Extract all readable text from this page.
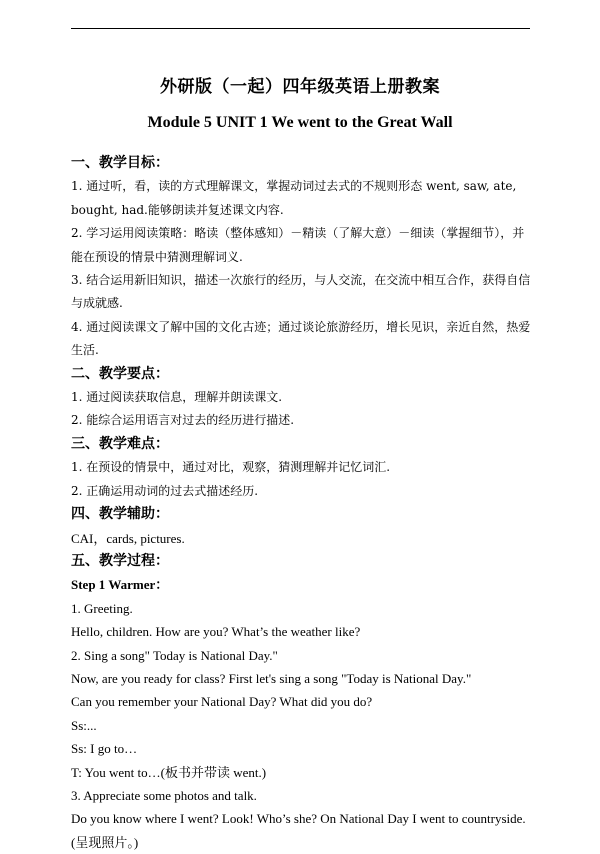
外研版（一起）四年级英语上册教案
Module 5 UNIT 1 We went to the Great Wall

一、教学目标：

1. 通过听，看，读的方式理解课文，掌握动词过去式的不规则形态 went, saw, ate, bought, had.能够朗读并复述课文内容.

2. 学习运用阅读策略：略读（整体感知）－精读（了解大意）－细读（掌握细节），并能在预设的情景中猜测理解词义.

3. 结合运用新旧知识，描述一次旅行的经历，与人交流，在交流中相互合作，获得自信与成就感.

4. 通过阅读课文了解中国的文化古迹；通过谈论旅游经历，增长见识，亲近自然，热爱生活.

二、教学要点：

1. 通过阅读获取信息，理解并朗读课文.

2. 能综合运用语言对过去的经历进行描述.

三、教学难点：

1. 在预设的情景中，通过对比，观察，猜测理解并记忆词汇.

2. 正确运用动词的过去式描述经历.

四、教学辅助：

CAI，cards, pictures.

五、教学过程：

Step 1 Warmer：

1. Greeting.

Hello, children. How are you? What’s the weather like?

2. Sing a song" Today is National Day."

Now, are you ready for class? First let's sing a song "Today is National Day."

Can you remember your National Day? What did you do?

Ss:...

Ss: I go to…

T: You went to…(板书并带读 went.)

3. Appreciate some photos and talk.

Do you know where I went? Look! Who’s she? On National Day I went to countryside. (呈现照片。)
